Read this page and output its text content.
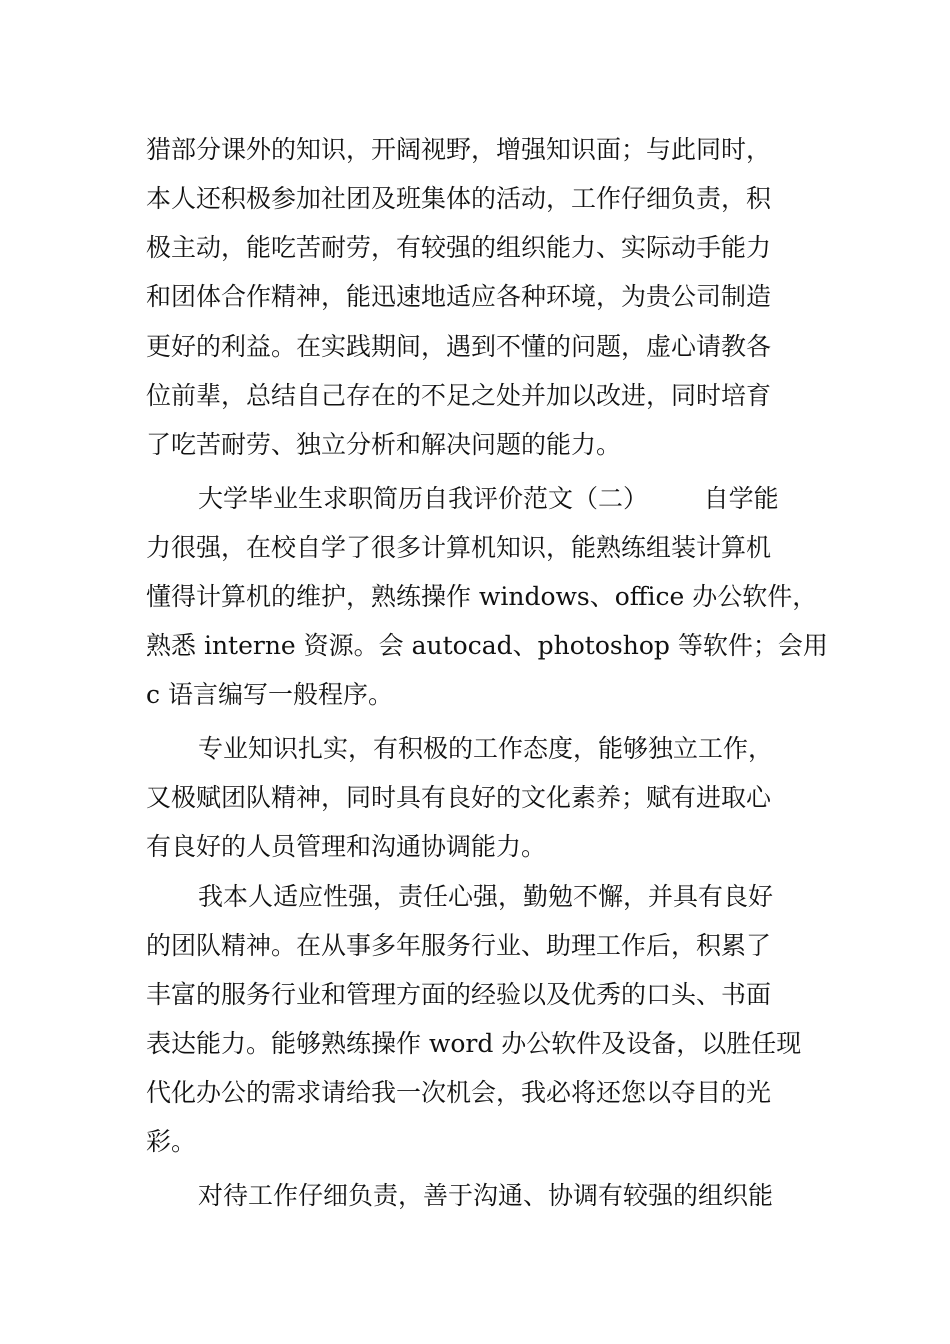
猎部分课外的知识，开阔视野，增强知识面；与此同时，
本人还积极参加社团及班集体的活动，工作仔细负责，积
极主动，能吃苦耐劳，有较强的组织能力、实际动手能力
和团体合作精神，能迅速地适应各种环境，为贵公司制造
更好的利益。在实践期间，遇到不懂的问题，虚心请教各
位前辈，总结自己存在的不足之处并加以改进，同时培育
了吃苦耐劳、独立分析和解决问题的能力。
大学毕业生求职简历自我评价范文（二）       自学能
力很强，在校自学了很多计算机知识，能熟练组装计算机
懂得计算机的维护，熟练操作 windows、office 办公软件，
熟悉 interne 资源。会 autocad、photoshop 等软件；会用
c 语言编写一般程序。
专业知识扎实，有积极的工作态度，能够独立工作，
又极赋团队精神，同时具有良好的文化素养；赋有进取心
有良好的人员管理和沟通协调能力。
我本人适应性强，责任心强，勤勉不懈，并具有良好
的团队精神。在从事多年服务行业、助理工作后，积累了
丰富的服务行业和管理方面的经验以及优秀的口头、书面
表达能力。能够熟练操作 word 办公软件及设备，以胜任现
代化办公的需求请给我一次机会，我必将还您以夺目的光
彩。
对待工作仔细负责，善于沟通、协调有较强的组织能
